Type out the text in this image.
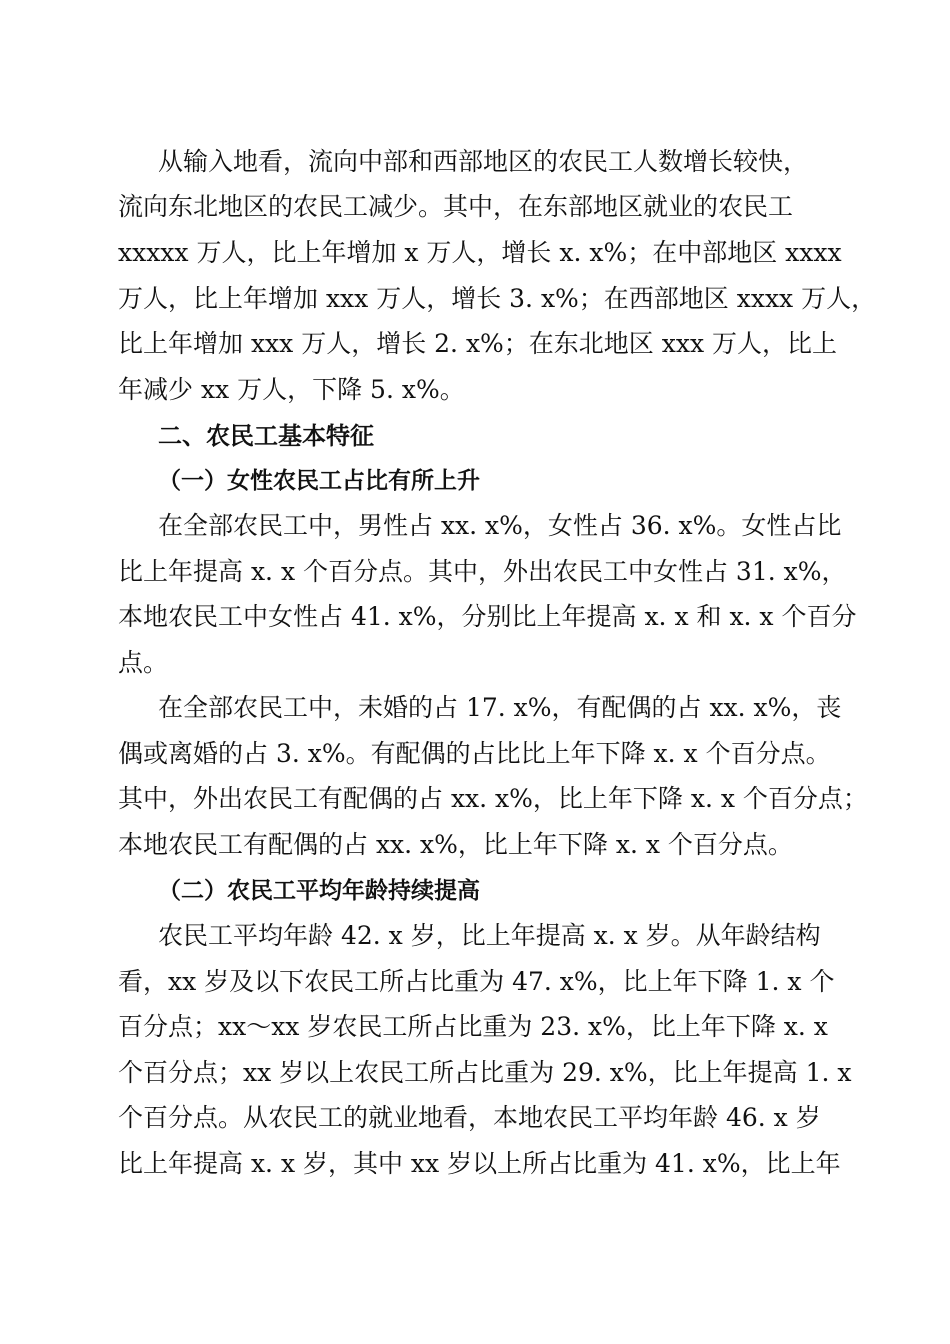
从输入地看，流向中部和西部地区的农民工人数增长较快，
流向东北地区的农民工减少。其中，在东部地区就业的农民工
xxxxx 万人，比上年增加 x 万人，增长 x. x%；在中部地区 xxxx
万人，比上年增加 xxx 万人，增长 3. x%；在西部地区 xxxx 万人，
比上年增加 xxx 万人，增长 2. x%；在东北地区 xxx 万人，比上
年减少 xx 万人，下降 5. x%。
二、农民工基本特征
（一）女性农民工占比有所上升
在全部农民工中，男性占 xx. x%，女性占 36. x%。女性占比
比上年提高 x. x 个百分点。其中，外出农民工中女性占 31. x%，
本地农民工中女性占 41. x%，分别比上年提高 x. x 和 x. x 个百分
点。
在全部农民工中，未婚的占 17. x%，有配偶的占 xx. x%，丧
偶或离婚的占 3. x%。有配偶的占比比上年下降 x. x 个百分点。
其中，外出农民工有配偶的占 xx. x%，比上年下降 x. x 个百分点；
本地农民工有配偶的占 xx. x%，比上年下降 x. x 个百分点。
（二）农民工平均年龄持续提高
农民工平均年龄 42. x 岁，比上年提高 x. x 岁。从年龄结构
看，xx 岁及以下农民工所占比重为 47. x%，比上年下降 1. x 个
百分点；xx～xx 岁农民工所占比重为 23. x%，比上年下降 x. x
个百分点；xx 岁以上农民工所占比重为 29. x%，比上年提高 1. x
个百分点。从农民工的就业地看，本地农民工平均年龄 46. x 岁
比上年提高 x. x 岁，其中 xx 岁以上所占比重为 41. x%，比上年
